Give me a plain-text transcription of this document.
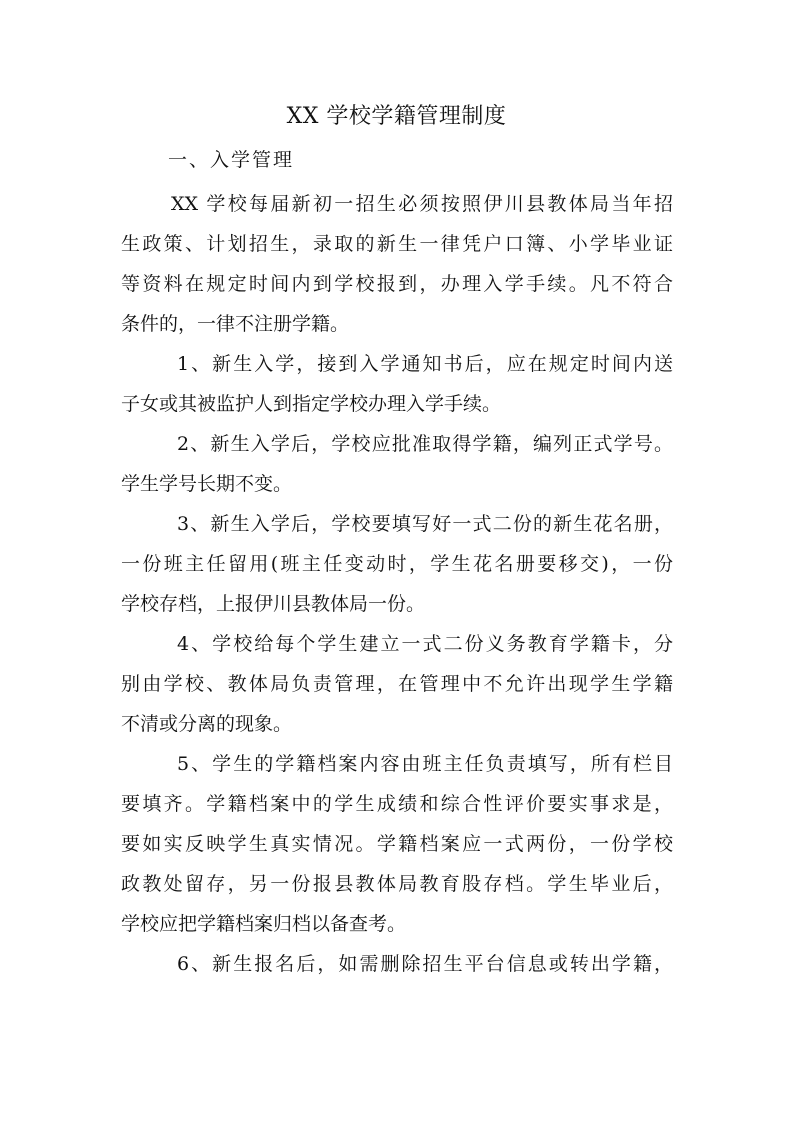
XX 学校学籍管理制度
一、入学管理
XX 学校每届新初一招生必须按照伊川县教体局当年招
生政策、计划招生，录取的新生一律凭户口簿、小学毕业证
等资料在规定时间内到学校报到，办理入学手续。凡不符合
条件的，一律不注册学籍。
1、新生入学，接到入学通知书后，应在规定时间内送
子女或其被监护人到指定学校办理入学手续。
2、新生入学后，学校应批准取得学籍，编列正式学号。
学生学号长期不变。
3、新生入学后，学校要填写好一式二份的新生花名册，
一份班主任留用(班主任变动时，学生花名册要移交)，一份
学校存档，上报伊川县教体局一份。
4、学校给每个学生建立一式二份义务教育学籍卡，分
别由学校、教体局负责管理，在管理中不允许出现学生学籍
不清或分离的现象。
5、学生的学籍档案内容由班主任负责填写，所有栏目
要填齐。学籍档案中的学生成绩和综合性评价要实事求是，
要如实反映学生真实情况。学籍档案应一式两份，一份学校
政教处留存，另一份报县教体局教育股存档。学生毕业后，
学校应把学籍档案归档以备查考。
6、新生报名后，如需删除招生平台信息或转出学籍，
